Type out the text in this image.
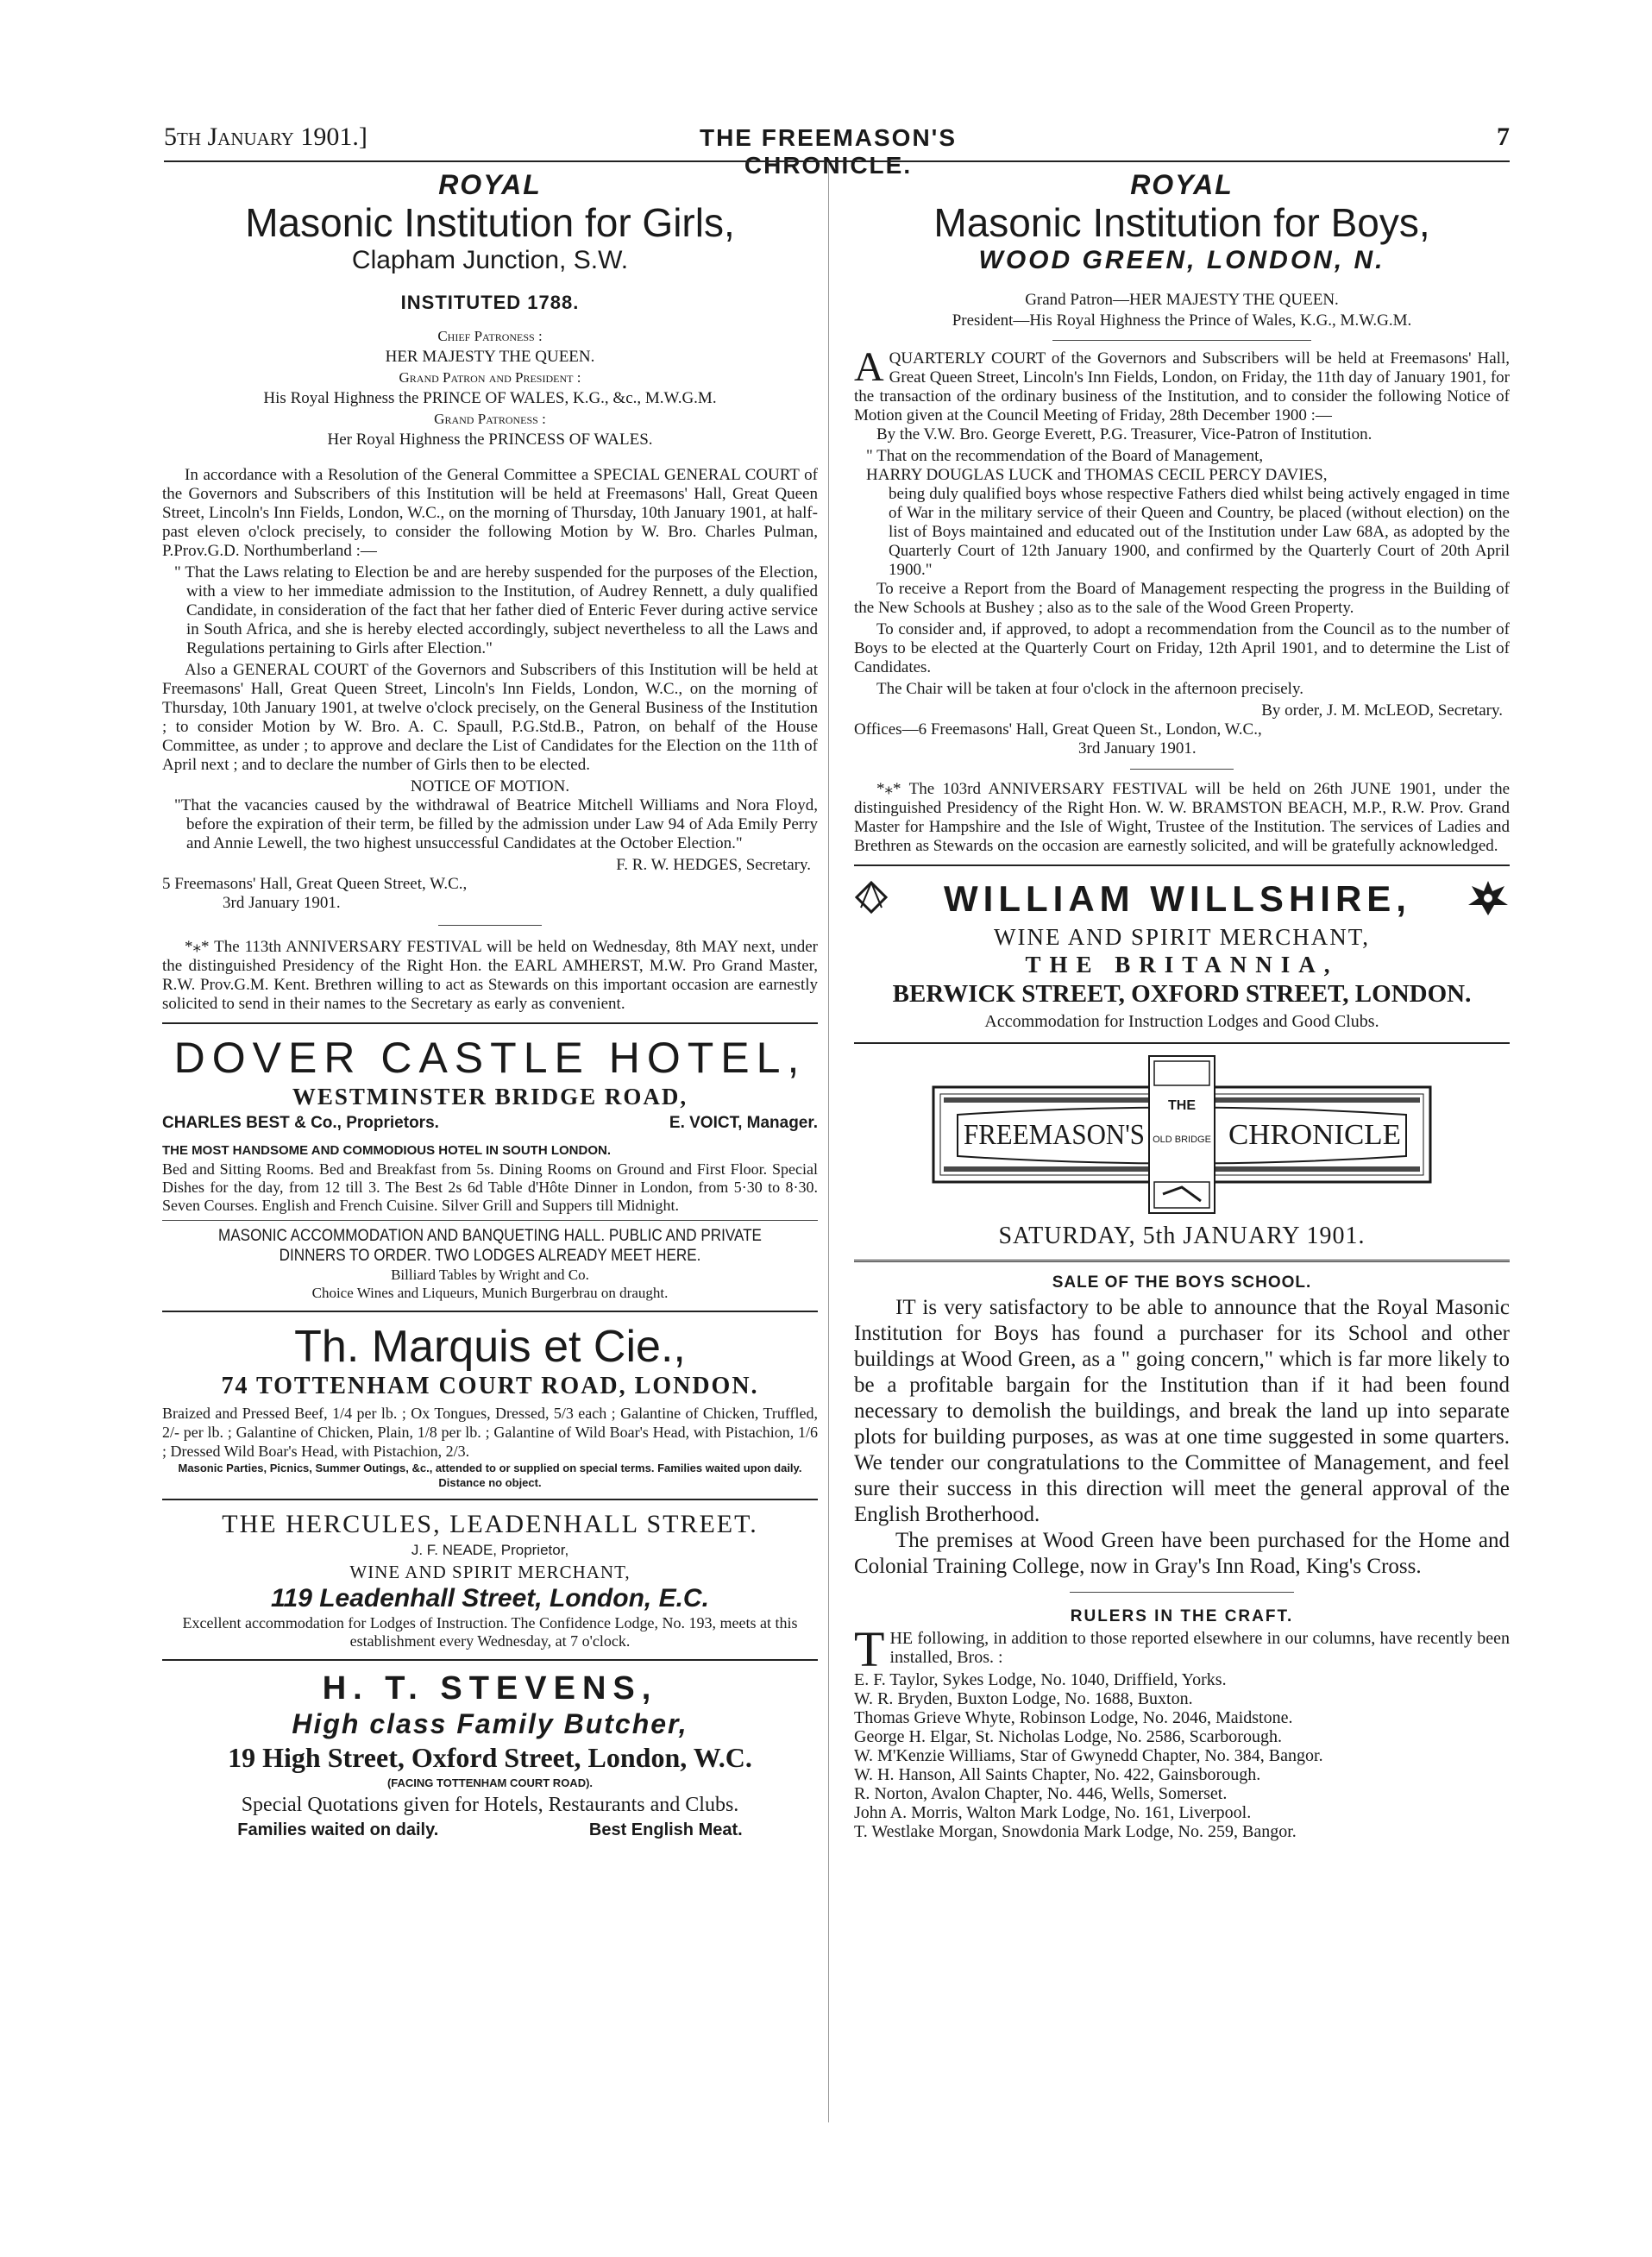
5th January 1901.]	THE FREEMASON'S CHRONICLE.
7
ROYAL
Masonic Institution for Girls,
Clapham Junction, S.W.
INSTITUTED 1788.
Chief Patroness :
HER MAJESTY THE QUEEN.
Grand Patron and President :
His Royal Highness the PRINCE OF WALES, K.G., &c., M.W.G.M.
Grand Patroness :
Her Royal Highness the PRINCESS OF WALES.

In accordance with a Resolution of the General Committee a SPECIAL GENERAL COURT of the Governors and Subscribers of this Institution will be held at Freemasons' Hall, Great Queen Street, Lincoln's Inn Fields, London, W.C., on the morning of Thursday, 10th January 1901, at half-past eleven o'clock precisely, to consider the following Motion by W. Bro. Charles Pulman, P.Prov.G.D. Northumberland :—

" That the Laws relating to Election be and are hereby suspended for the purposes of the Election, with a view to her immediate admission to the Institution, of Audrey Rennett, a duly qualified Candidate, in consideration of the fact that her father died of Enteric Fever during active service in South Africa, and she is hereby elected accordingly, subject nevertheless to all the Laws and Regulations pertaining to Girls after Election."

Also a GENERAL COURT of the Governors and Subscribers of this Institution will be held at Freemasons' Hall, Great Queen Street, Lincoln's Inn Fields, London, W.C., on the morning of Thursday, 10th January 1901, at twelve o'clock precisely, on the General Business of the Institution ; to consider Motion by W. Bro. A. C. Spaull, P.G.Std.B., Patron, on behalf of the House Committee, as under ; to approve and declare the List of Candidates for the Election on the 11th of April next ; and to declare the number of Girls then to be elected.

NOTICE OF MOTION.

"That the vacancies caused by the withdrawal of Beatrice Mitchell Williams and Nora Floyd, before the expiration of their term, be filled by the admission under Law 94 of Ada Emily Perry and Annie Lewell, the two highest unsuccessful Candidates at the October Election."

F. R. W. HEDGES, Secretary.
5 Freemasons' Hall, Great Queen Street, W.C.,
3rd January 1901.

*⁎* The 113th ANNIVERSARY FESTIVAL will be held on Wednesday, 8th MAY next, under the distinguished Presidency of the Right Hon. the EARL AMHERST, M.W. Pro Grand Master, R.W. Prov.G.M. Kent. Brethren willing to act as Stewards on this important occasion are earnestly solicited to send in their names to the Secretary as early as convenient.

DOVER CASTLE HOTEL,
WESTMINSTER BRIDGE ROAD,
CHARLES BEST & Co., Proprietors.	E. VOICT, Manager.
THE MOST HANDSOME AND COMMODIOUS HOTEL IN SOUTH LONDON.

Bed and Sitting Rooms. Bed and Breakfast from 5s. Dining Rooms on Ground and First Floor. Special Dishes for the day, from 12 till 3. The Best 2s 6d Table d'Hôte Dinner in London, from 5·30 to 8·30. Seven Courses. English and French Cuisine. Silver Grill and Suppers till Midnight.

MASONIC ACCOMMODATION AND BANQUETING HALL. PUBLIC AND PRIVATE DINNERS TO ORDER. TWO LODGES ALREADY MEET HERE.

Billiard Tables by Wright and Co.
Choice Wines and Liqueurs, Munich Burgerbrau on draught.
Th. Marquis et Cie.,
74 TOTTENHAM COURT ROAD, LONDON.

Braized and Pressed Beef, 1/4 per lb. ; Ox Tongues, Dressed, 5/3 each ; Galantine of Chicken, Truffled, 2/- per lb. ; Galantine of Chicken, Plain, 1/8 per lb. ; Galantine of Wild Boar's Head, with Pistachion, 1/6 ; Dressed Wild Boar's Head, with Pistachion, 2/3.

Masonic Parties, Picnics, Summer Outings, &c., attended to or supplied on special terms. Families waited upon daily. Distance no object.

THE HERCULES, LEADENHALL STREET.
J. F. NEADE, Proprietor,
WINE AND SPIRIT MERCHANT,
119 Leadenhall Street, London, E.C.

Excellent accommodation for Lodges of Instruction. The Confidence Lodge, No. 193, meets at this establishment every Wednesday, at 7 o'clock.

H. T. STEVENS,
High class Family Butcher,
19 High Street, Oxford Street, London, W.C.
(FACING TOTTENHAM COURT ROAD).
Special Quotations given for Hotels, Restaurants and Clubs.
Families waited on daily.	Best English Meat.
ROYAL
Masonic Institution for Boys,
WOOD GREEN, LONDON, N.
Grand Patron—HER MAJESTY THE QUEEN.
President—His Royal Highness the Prince of Wales, K.G., M.W.G.M.

A QUARTERLY COURT of the Governors and Subscribers will be held at Freemasons' Hall, Great Queen Street, Lincoln's Inn Fields, London, on Friday, the 11th day of January 1901, for the transaction of the ordinary business of the Institution, and to consider the following Notice of Motion given at the Council Meeting of Friday, 28th December 1900 :—

By the V.W. Bro. George Everett, P.G. Treasurer, Vice-Patron of Institution.

" That on the recommendation of the Board of Management,

HARRY DOUGLAS LUCK and THOMAS CECIL PERCY DAVIES,

being duly qualified boys whose respective Fathers died whilst being actively engaged in time of War in the military service of their Queen and Country, be placed (without election) on the list of Boys maintained and educated out of the Institution under Law 68A, as adopted by the Quarterly Court of 12th January 1900, and confirmed by the Quarterly Court of 20th April 1900."

To receive a Report from the Board of Management respecting the progress in the Building of the New Schools at Bushey ; also as to the sale of the Wood Green Property.

To consider and, if approved, to adopt a recommendation from the Council as to the number of Boys to be elected at the Quarterly Court on Friday, 12th April 1901, and to determine the List of Candidates.

The Chair will be taken at four o'clock in the afternoon precisely.

By order, J. M. McLEOD, Secretary.
Offices—6 Freemasons' Hall, Great Queen St., London, W.C.,
3rd January 1901.

*⁎* The 103rd ANNIVERSARY FESTIVAL will be held on 26th JUNE 1901, under the distinguished Presidency of the Right Hon. W. W. BRAMSTON BEACH, M.P., R.W. Prov. Grand Master for Hampshire and the Isle of Wight, Trustee of the Institution. The services of Ladies and Brethren as Stewards on the occasion are earnestly solicited, and will be gratefully acknowledged.

WILLIAM WILLSHIRE,
WINE AND SPIRIT MERCHANT,
THE BRITANNIA,
BERWICK STREET, OXFORD STREET, LONDON.
Accommodation for Instruction Lodges and Good Clubs.
FREEMASON'S
THE
OLD BRIDGE CHRONICLE
SATURDAY, 5th JANUARY 1901.
SALE OF THE BOYS SCHOOL.

IT is very satisfactory to be able to announce that the Royal Masonic Institution for Boys has found a purchaser for its School and other buildings at Wood Green, as a " going concern," which is far more likely to be a profitable bargain for the Institution than if it had been found necessary to demolish the buildings, and break the land up into separate plots for building purposes, as was at one time suggested in some quarters. We tender our congratulations to the Committee of Management, and feel sure their success in this direction will meet the general approval of the English Brotherhood.

The premises at Wood Green have been purchased for the Home and Colonial Training College, now in Gray's Inn Road, King's Cross.

RULERS IN THE CRAFT.

T HE following, in addition to those reported elsewhere in our columns, have recently been installed, Bros. :

E. F. Taylor, Sykes Lodge, No. 1040, Driffield, Yorks.

W. R. Bryden, Buxton Lodge, No. 1688, Buxton.

Thomas Grieve Whyte, Robinson Lodge, No. 2046, Maidstone.

George H. Elgar, St. Nicholas Lodge, No. 2586, Scarborough.

W. M'Kenzie Williams, Star of Gwynedd Chapter, No. 384, Bangor.

W. H. Hanson, All Saints Chapter, No. 422, Gainsborough.

R. Norton, Avalon Chapter, No. 446, Wells, Somerset.

John A. Morris, Walton Mark Lodge, No. 161, Liverpool.

T. Westlake Morgan, Snowdonia Mark Lodge, No. 259, Bangor.
